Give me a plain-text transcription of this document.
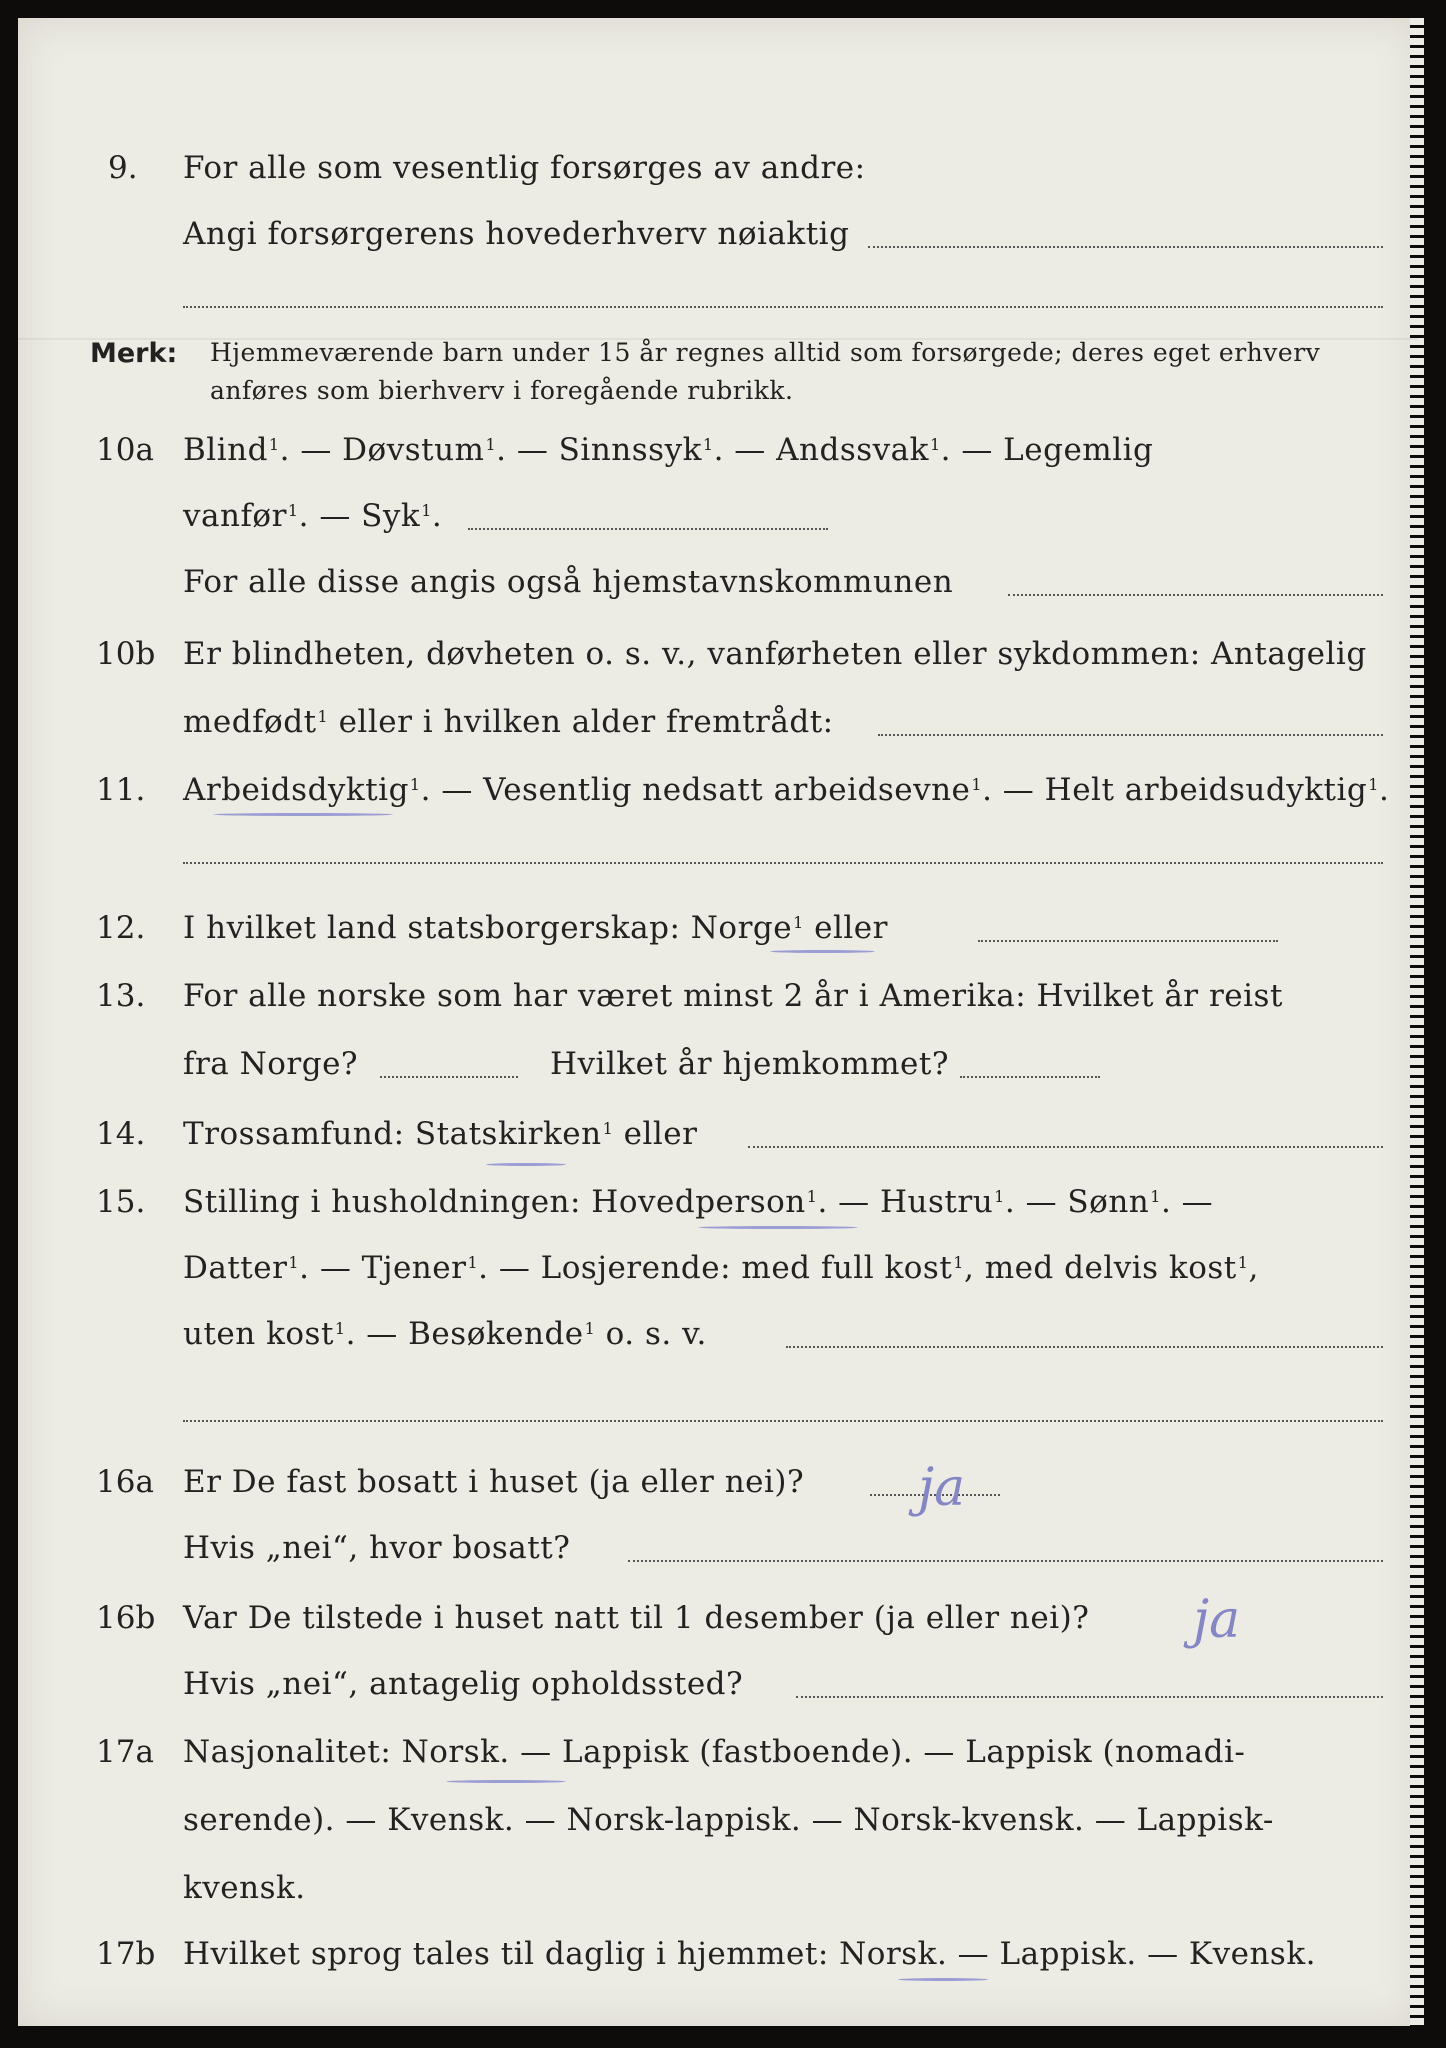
9. For alle som vesentlig forsørges av andre:
Angi forsørgerens hovederhverv nøiaktig
Merk: Hjemmeværende barn under 15 år regnes alltid som forsørgede; deres eget erhverv
anføres som bierhverv i foregående rubrikk.
10a Blind$^1$. — Døvstum$^1$. — Sinnssyk$^1$. — Andssvak$^1$. — Legemlig
vanfør$^1$. — Syk$^1$.
For alle disse angis også hjemstavnskommunen
10b Er blindheten, døvheten o. s. v., vanførheten eller sykdommen: Antagelig
medfødt$^1$ eller i hvilken alder fremtrådt:
11. Arbeidsdyktig$^1$. — Vesentlig nedsatt arbeidsevne$^1$. — Helt arbeidsudyktig$^1$.
12. I hvilket land statsborgerskap: Norge$^1$ eller
13. For alle norske som har været minst 2 år i Amerika: Hvilket år reist
fra Norge?	Hvilket år hjemkommet?
14. Trossamfund: Statskirken$^1$ eller
15. Stilling i husholdningen: Hovedperson$^1$. — Hustru$^1$. — Sønn$^1$. —
Datter$^1$. — Tjener$^1$. — Losjerende: med full kost$^1$, med delvis kost$^1$,
uten kost$^1$. — Besøkende$^1$ o. s. v.
16a Er De fast bosatt i huset (ja eller nei)? ja
Hvis „nei“, hvor bosatt?
16b Var De tilstede i huset natt til 1 desember (ja eller nei)? ja
Hvis „nei“, antagelig opholdssted?
17a Nasjonalitet: Norsk. — Lappisk (fastboende). — Lappisk (nomadi-
serende). — Kvensk. — Norsk-lappisk. — Norsk-kvensk. — Lappisk-
kvensk.
17b Hvilket sprog tales til daglig i hjemmet: Norsk. — Lappisk. — Kvensk.
